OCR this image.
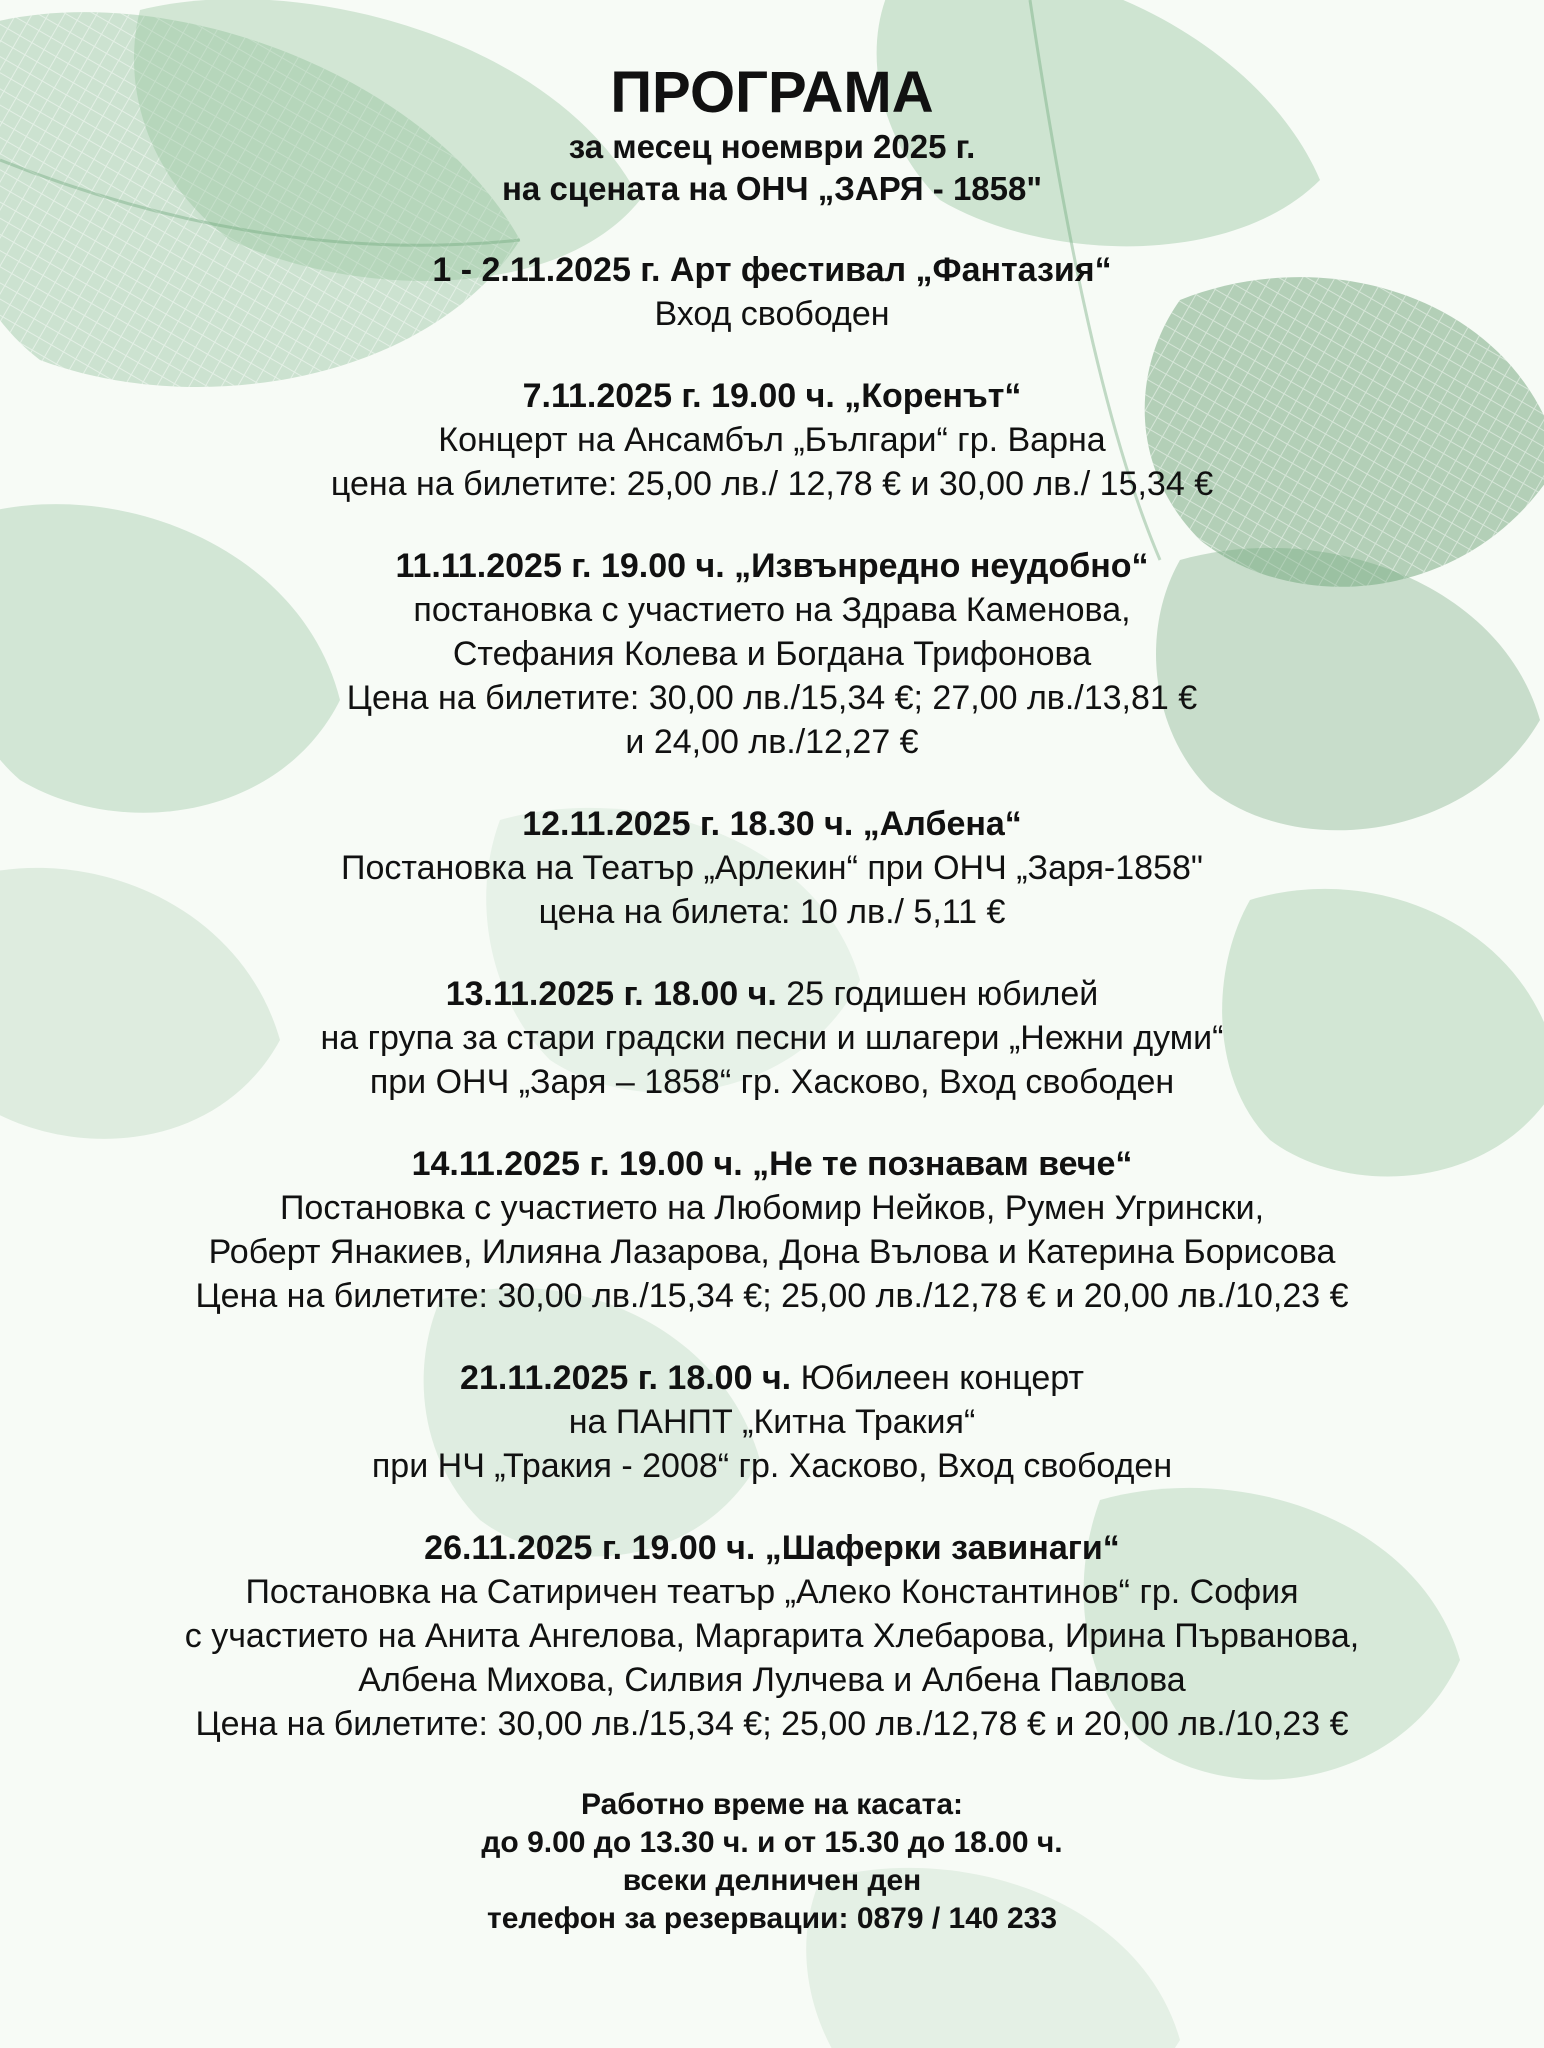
ПРОГРАМА
за месец ноември 2025 г.
на сцената на ОНЧ „ЗАРЯ - 1858"
1 - 2.11.2025 г. Арт фестивал „Фантазия“
Вход свободен
7.11.2025 г. 19.00 ч. „Коренът“
Концерт на Ансамбъл „Българи“ гр. Варна
цена на билетите: 25,00 лв./ 12,78 € и 30,00 лв./ 15,34 €
11.11.2025 г. 19.00 ч. „Извънредно неудобно“
постановка с участието на Здрава Каменова,
Стефания Колева и Богдана Трифонова
Цена на билетите: 30,00 лв./15,34 €; 27,00 лв./13,81 €
и 24,00 лв./12,27 €
12.11.2025 г. 18.30 ч. „Албена“
Постановка на Театър „Арлекин“ при ОНЧ „Заря-1858"
цена на билета: 10 лв./ 5,11 €
13.11.2025 г. 18.00 ч. 25 годишен юбилей
на група за стари градски песни и шлагери „Нежни думи“
при ОНЧ „Заря – 1858“ гр. Хасково, Вход свободен
14.11.2025 г. 19.00 ч. „Не те познавам вече“
Постановка с участието на Любомир Нейков, Румен Угрински,
Роберт Янакиев, Илияна Лазарова, Дона Вълова и Катерина Борисова
Цена на билетите: 30,00 лв./15,34 €; 25,00 лв./12,78 € и 20,00 лв./10,23 €
21.11.2025 г. 18.00 ч. Юбилеен концерт
на ПАНПТ „Китна Тракия“
при НЧ „Тракия - 2008“ гр. Хасково, Вход свободен
26.11.2025 г. 19.00 ч. „Шаферки завинаги“
Постановка на Сатиричен театър „Алеко Константинов“ гр. София
с участието на Анита Ангелова, Маргарита Хлебарова, Ирина Първанова,
Албена Михова, Силвия Лулчева и Албена Павлова
Цена на билетите: 30,00 лв./15,34 €; 25,00 лв./12,78 € и 20,00 лв./10,23 €
Работно време на касата:
до 9.00 до 13.30 ч. и от 15.30 до 18.00 ч.
всеки делничен ден
телефон за резервации: 0879 / 140 233
